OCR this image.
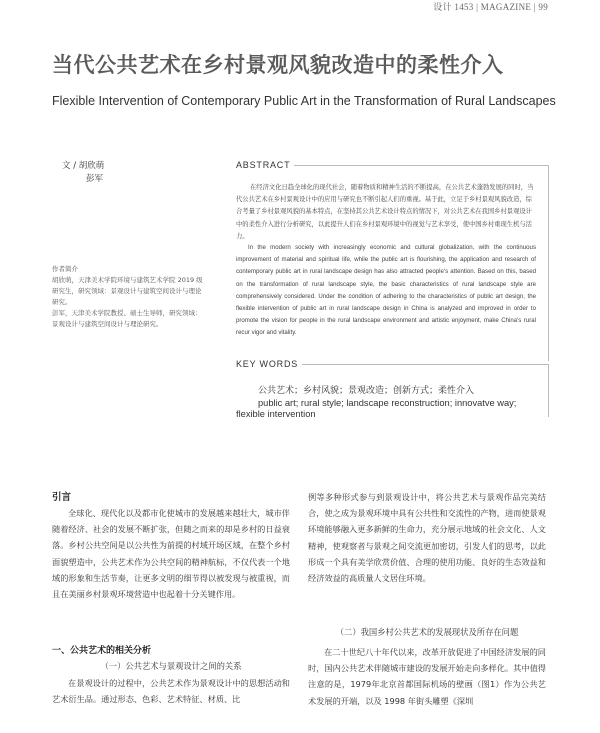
设计 1453 | MAGAZINE | 99
当代公共艺术在乡村景观风貌改造中的柔性介入
Flexible Intervention of Contemporary Public Art in the Transformation of Rural Landscapes
文 / 胡欣萌
彭军

作者简介

胡欣萌，天津美术学院环境与建筑艺术学院 2019 级

研究生，研究领域：景观设计与建筑空间设计与理论

研究。

彭军，天津美术学院教授、硕士生导师，研究领域：

景观设计与建筑空间设计与理论研究。

ABSTRACT

在经济文化日趋全球化的现代社会，随着物质和精神生活的不断提高，在公共艺术蓬勃发展的同时，当代公共艺术在乡村景观设计中的应用与研究也不断引起人们的重视。基于此，立足于乡村景观风貌改造，综合考量了乡村景观风貌的基本特点，在坚持其公共艺术设计特点的情况下，对公共艺术在我国乡村景观设计中的柔性介入进行分析研究，以此提升人们在乡村景观环境中的视觉与艺术享受，使中国乡村重现生机与活力。

In the modern society with increasingly economic and cultural globalization, with the continuous improvement of material and spiritual life, while the public art is flourishing, the application and research of contemporary public art in rural landscape design has also attracted people's attention. Based on this, based on the transformation of rural landscape style, the basic characteristics of rural landscape style are comprehensively considered. Under the condition of adhering to the characteristics of public art design, the flexible intervention of public art in rural landscape design in China is analyzed and improved in order to promote the vision for people in the rural landscape environment and artistic enjoyment, make China's rural recur vigor and vitality.

KEY WORDS
公共艺术；乡村风貌；景观改造；创新方式；柔性介入
public art; rural style; landscape reconstruction; innovatve way; flexible intervention
引言

全球化、现代化以及都市化使城市的发展越来越壮大，城市伴随着经济、社会的发展不断扩张，但随之而来的却是乡村的日益衰落。乡村公共空间是以公共性为前提的村域开场区域，在整个乡村面貌塑造中，公共艺术作为公共空间的精神航标，不仅代表一个地域的形象和生活节奏，让更多文明的细节得以被发现与被重视，而且在美丽乡村景观环境营造中也起着十分关键作用。

一、公共艺术的相关分析
（一）公共艺术与景观设计之间的关系

在景观设计的过程中，公共艺术作为景观设计中的思想活动和艺术衍生品。通过形态、色彩、艺术特征、材质、比

例等多种形式参与到景观设计中，将公共艺术与景观作品完美结合，使之成为景观环境中具有公共性和交流性的产物，进而使景观环境能够融入更多新鲜的生命力，充分展示地域的社会文化、人文精神，使观察者与景观之间交流更加密切，引发人们的思考，以此形成一个具有美学欣赏价值、合理的使用功能、良好的生态效益和经济效益的高质量人文居住环境。

（二）我国乡村公共艺术的发展现状及所存在问题

在二十世纪八十年代以来，改革开放促进了中国经济发展的同时，国内公共艺术伴随城市建设的发展开始走向多样化。其中值得注意的是，1979年北京首都国际机场的壁画（图1）作为公共艺术发展的开端，以及 1998 年街头雕塑《深圳
